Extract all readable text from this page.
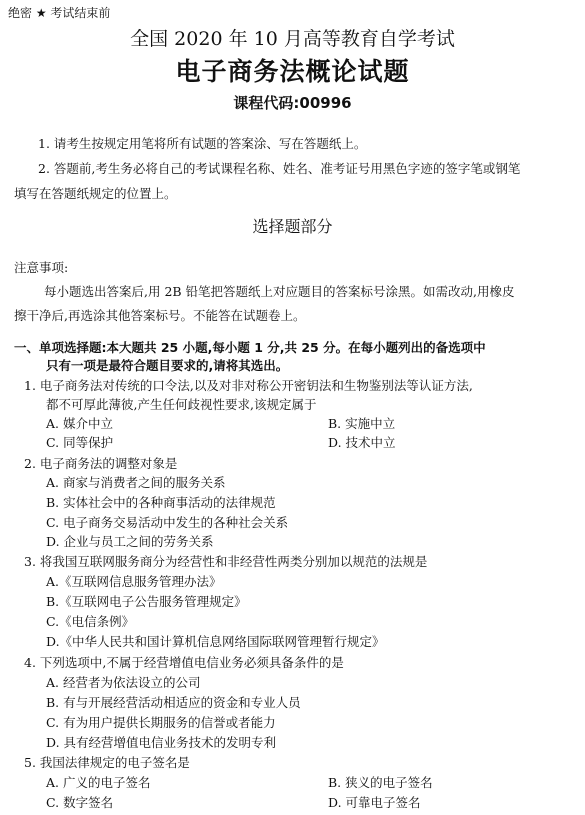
绝密 ★ 考试结束前
全国 2020 年 10 月高等教育自学考试
电子商务法概论试题
课程代码:00996
1. 请考生按规定用笔将所有试题的答案涂、写在答题纸上。
2. 答题前,考生务必将自己的考试课程名称、姓名、准考证号用黑色字迹的签字笔或钢笔
填写在答题纸规定的位置上。
选择题部分
注意事项:
每小题选出答案后,用 2B 铅笔把答题纸上对应题目的答案标号涂黑。如需改动,用橡皮
擦干净后,再选涂其他答案标号。不能答在试题卷上。
一、单项选择题:本大题共 25 小题,每小题 1 分,共 25 分。在每小题列出的备选项中
只有一项是最符合题目要求的,请将其选出。
1. 电子商务法对传统的口令法,以及对非对称公开密钥法和生物鉴别法等认证方法,
都不可厚此薄彼,产生任何歧视性要求,该规定属于
A. 媒介中立	B. 实施中立
C. 同等保护	D. 技术中立
2. 电子商务法的调整对象是
A. 商家与消费者之间的服务关系
B. 实体社会中的各种商事活动的法律规范
C. 电子商务交易活动中发生的各种社会关系
D. 企业与员工之间的劳务关系
3. 将我国互联网服务商分为经营性和非经营性两类分别加以规范的法规是
A.《互联网信息服务管理办法》
B.《互联网电子公告服务管理规定》
C.《电信条例》
D.《中华人民共和国计算机信息网络国际联网管理暂行规定》
4. 下列选项中,不属于经营增值电信业务必须具备条件的是
A. 经营者为依法设立的公司
B. 有与开展经营活动相适应的资金和专业人员
C. 有为用户提供长期服务的信誉或者能力
D. 具有经营增值电信业务技术的发明专利
5. 我国法律规定的电子签名是
A. 广义的电子签名	B. 狭义的电子签名
C. 数字签名	D. 可靠电子签名
